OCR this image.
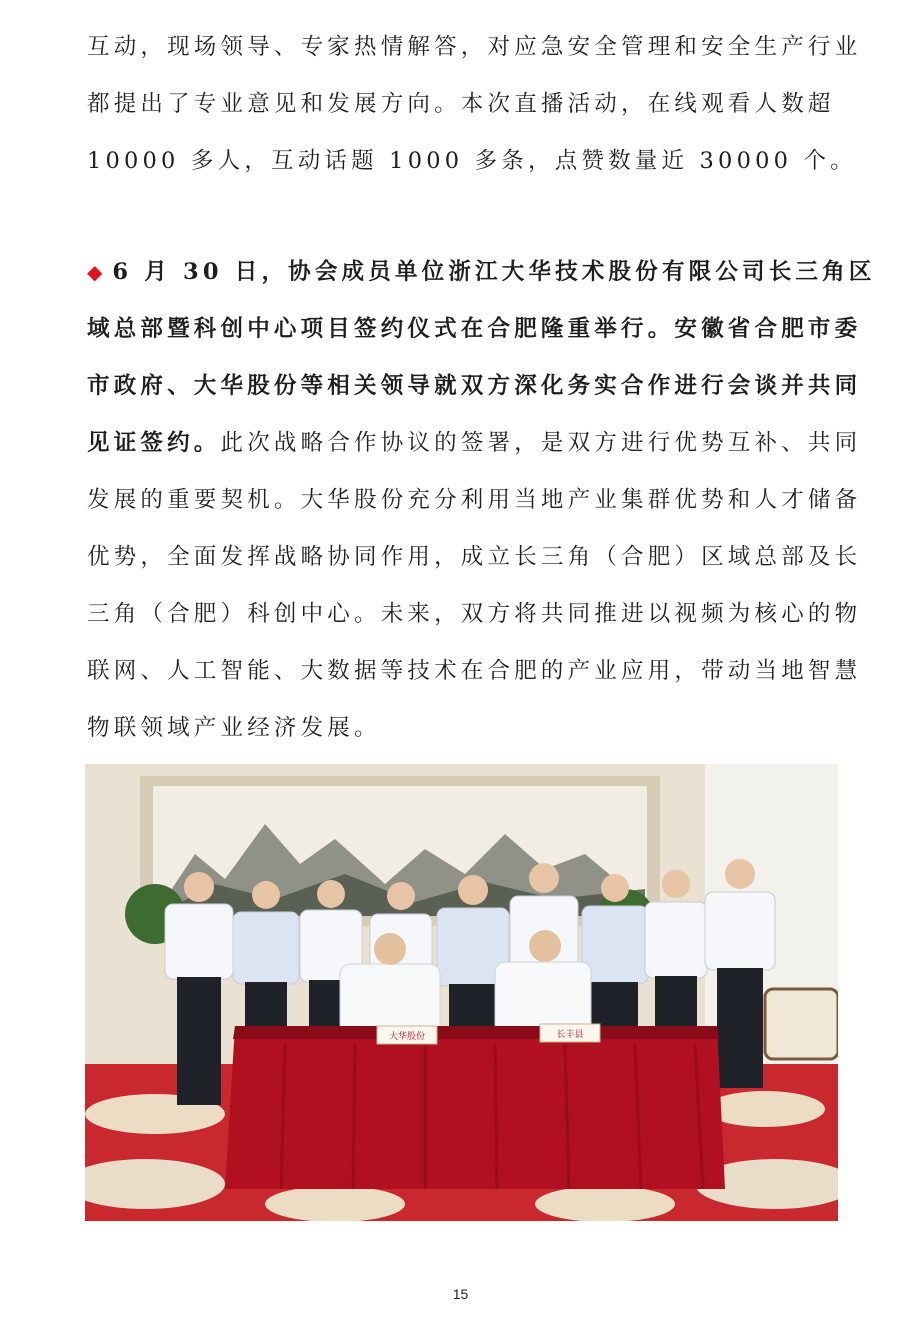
互动，现场领导、专家热情解答，对应急安全管理和安全生产行业
都提出了专业意见和发展方向。本次直播活动，在线观看人数超
10000 多人，互动话题 1000 多条，点赞数量近 30000 个。
◆ 6 月 30 日，协会成员单位浙江大华技术股份有限公司长三角区
域总部暨科创中心项目签约仪式在合肥隆重举行。安徽省合肥市委
市政府、大华股份等相关领导就双方深化务实合作进行会谈并共同
见证签约。此次战略合作协议的签署，是双方进行优势互补、共同
发展的重要契机。大华股份充分利用当地产业集群优势和人才储备
优势，全面发挥战略协同作用，成立长三角（合肥）区域总部及长
三角（合肥）科创中心。未来，双方将共同推进以视频为核心的物
联网、人工智能、大数据等技术在合肥的产业应用，带动当地智慧
物联领域产业经济发展。
大华股份	长丰县
15
